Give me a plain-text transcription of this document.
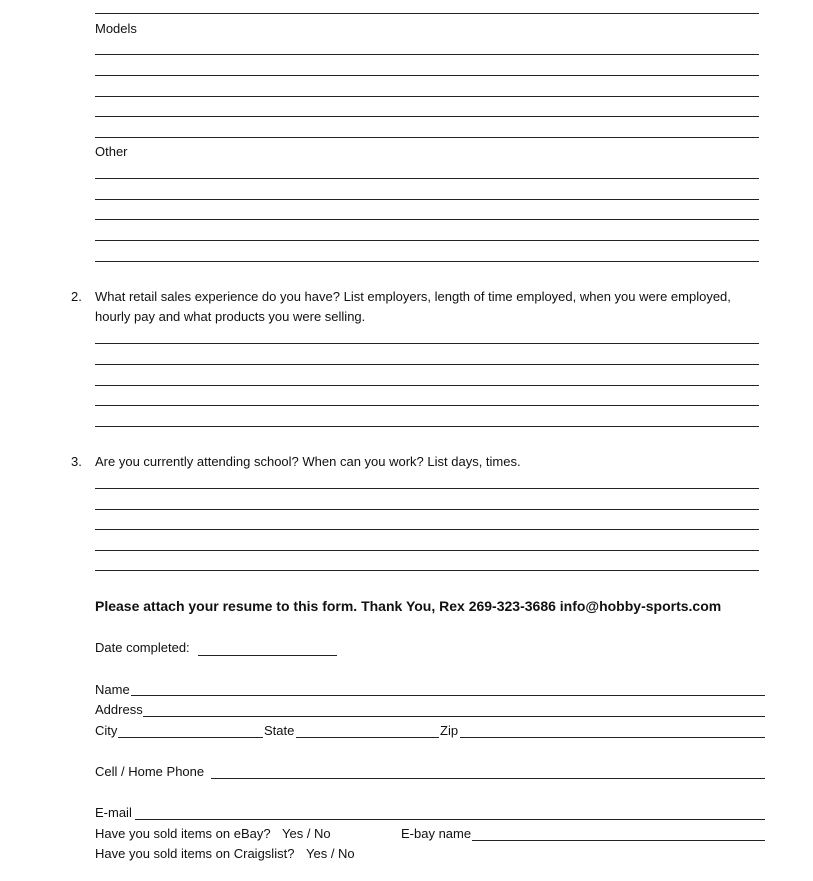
Models
Other
2. What retail sales experience do you have? List employers, length of time employed, when you were employed,
hourly pay and what products you were selling.
3. Are you currently attending school? When can you work? List days, times.
Please attach your resume to this form. Thank You, Rex 269-323-3686 info@hobby-sports.com
Date completed:
Name
Address
City	State	Zip
Cell / Home Phone
E-mail
Have you sold items on eBay? Yes / No	E-bay name
Have you sold items on Craigslist? Yes / No
